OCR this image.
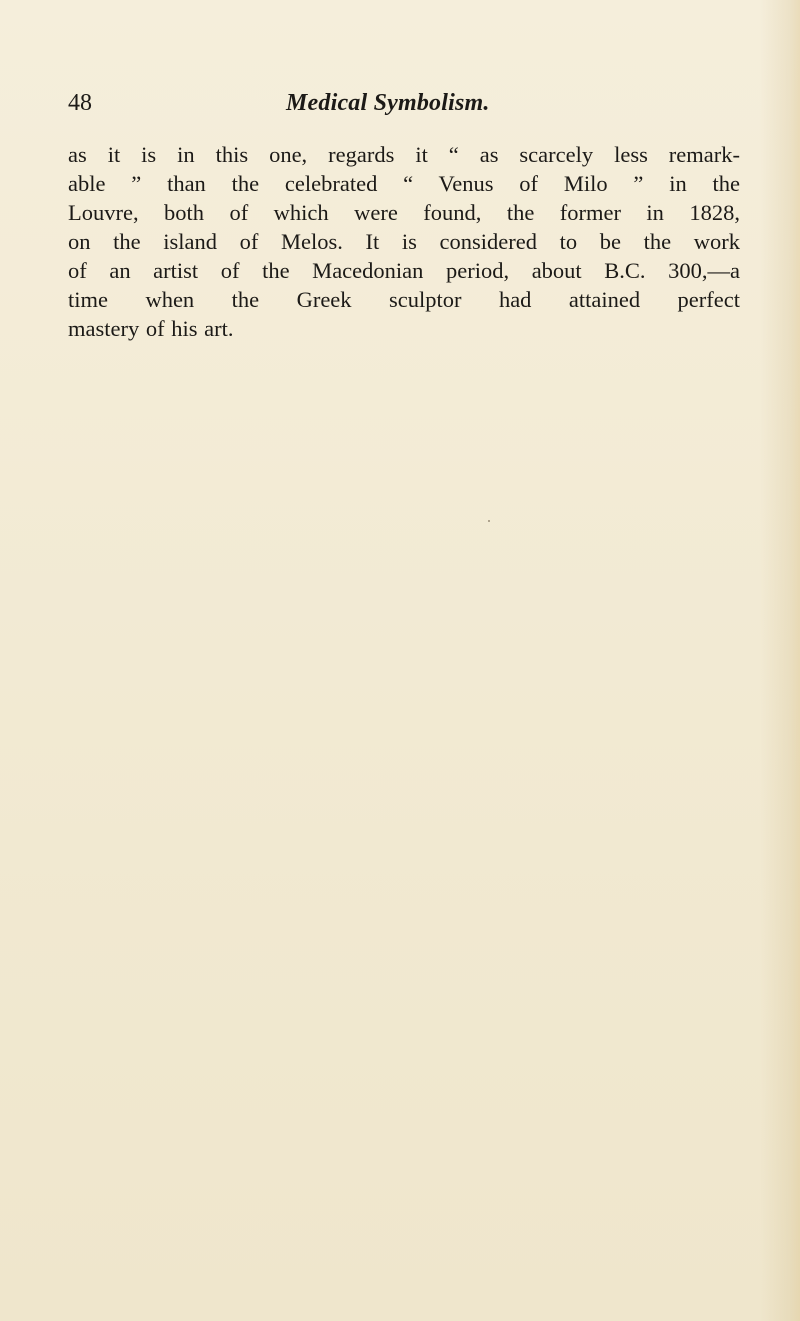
48	Medical Symbolism.
as it is in this one, regards it “ as scarcely less remark-
able ” than the celebrated “ Venus of Milo ” in the
Louvre, both of which were found, the former in 1828,
on the island of Melos. It is considered to be the work
of an artist of the Macedonian period, about B.C. 300,—a
time when the Greek sculptor had attained perfect
mastery of his art.
